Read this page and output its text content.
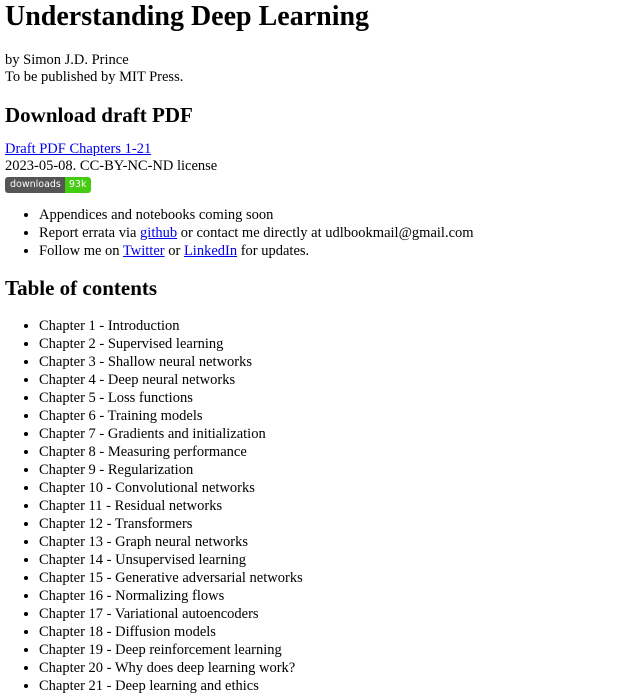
Understanding Deep Learning
by Simon J.D. Prince
To be published by MIT Press.
Download draft PDF
Draft PDF Chapters 1-21
2023-05-08. CC-BY-NC-ND license
downloads 93k
• Appendices and notebooks coming soon
• Report errata via github or contact me directly at udlbookmail@gmail.com
• Follow me on Twitter or LinkedIn for updates.
Table of contents
• Chapter 1 - Introduction
• Chapter 2 - Supervised learning
• Chapter 3 - Shallow neural networks
• Chapter 4 - Deep neural networks
• Chapter 5 - Loss functions
• Chapter 6 - Training models
• Chapter 7 - Gradients and initialization
• Chapter 8 - Measuring performance
• Chapter 9 - Regularization
• Chapter 10 - Convolutional networks
• Chapter 11 - Residual networks
• Chapter 12 - Transformers
• Chapter 13 - Graph neural networks
• Chapter 14 - Unsupervised learning
• Chapter 15 - Generative adversarial networks
• Chapter 16 - Normalizing flows
• Chapter 17 - Variational autoencoders
• Chapter 18 - Diffusion models
• Chapter 19 - Deep reinforcement learning
• Chapter 20 - Why does deep learning work?
• Chapter 21 - Deep learning and ethics
